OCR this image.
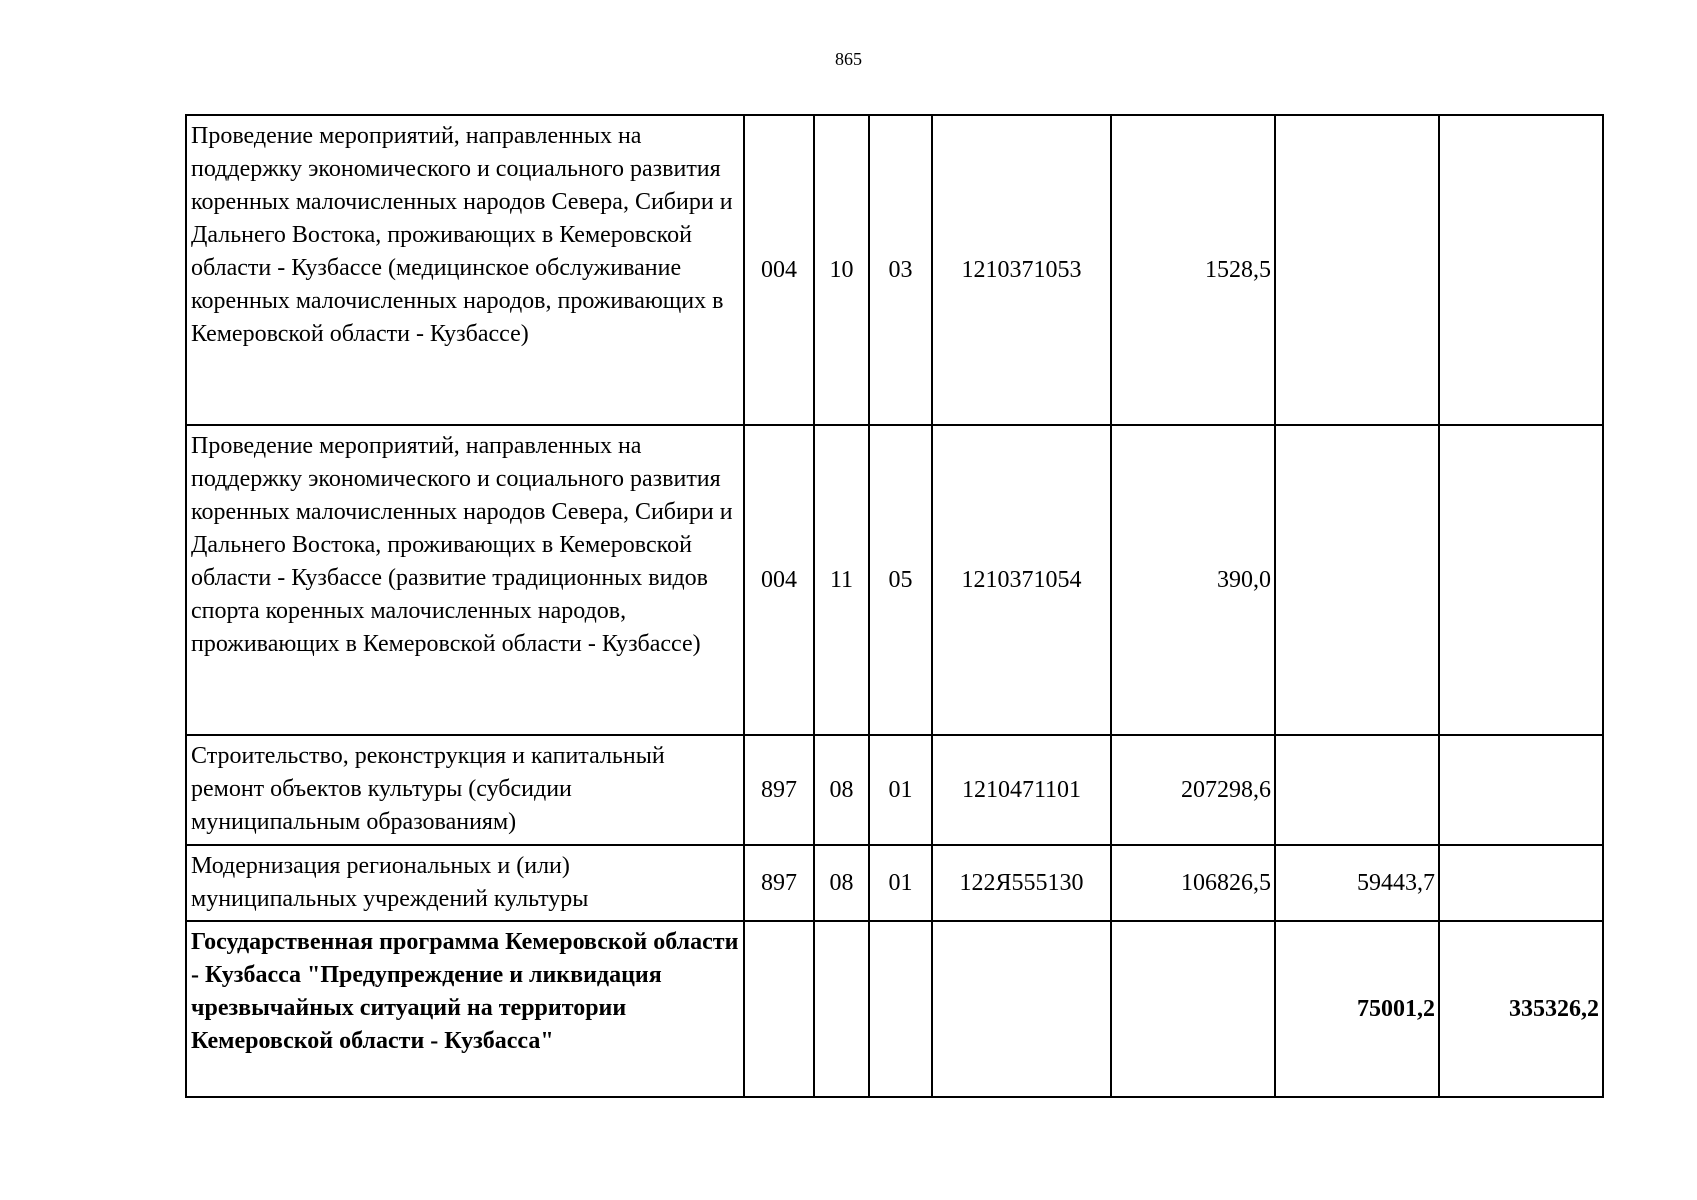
865
Проведение мероприятий, направленных на поддержку экономического и социального развития коренных малочисленных народов Севера, Сибири и Дальнего Востока, проживающих в Кемеровской области - Кузбассе (медицинское обслуживание коренных малочисленных народов, проживающих в Кемеровской области - Кузбассе)	004	10	03	1210371053	1528,5		
Проведение мероприятий, направленных на поддержку экономического и социального развития коренных малочисленных народов Севера, Сибири и Дальнего Востока, проживающих в Кемеровской области - Кузбассе (развитие традиционных видов спорта коренных малочисленных народов, проживающих в Кемеровской области - Кузбассе)	004	11	05	1210371054	390,0		
Строительство, реконструкция и капитальный ремонт объектов культуры (субсидии муниципальным образованиям)	897	08	01	1210471101	207298,6		
Модернизация региональных и (или) муниципальных учреждений культуры	897	08	01	122Я555130	106826,5	59443,7	
Государственная программа Кемеровской области - Кузбасса "Предупреждение и ликвидация чрезвычайных ситуаций на территории Кемеровской области - Кузбасса"						75001,2	335326,2
